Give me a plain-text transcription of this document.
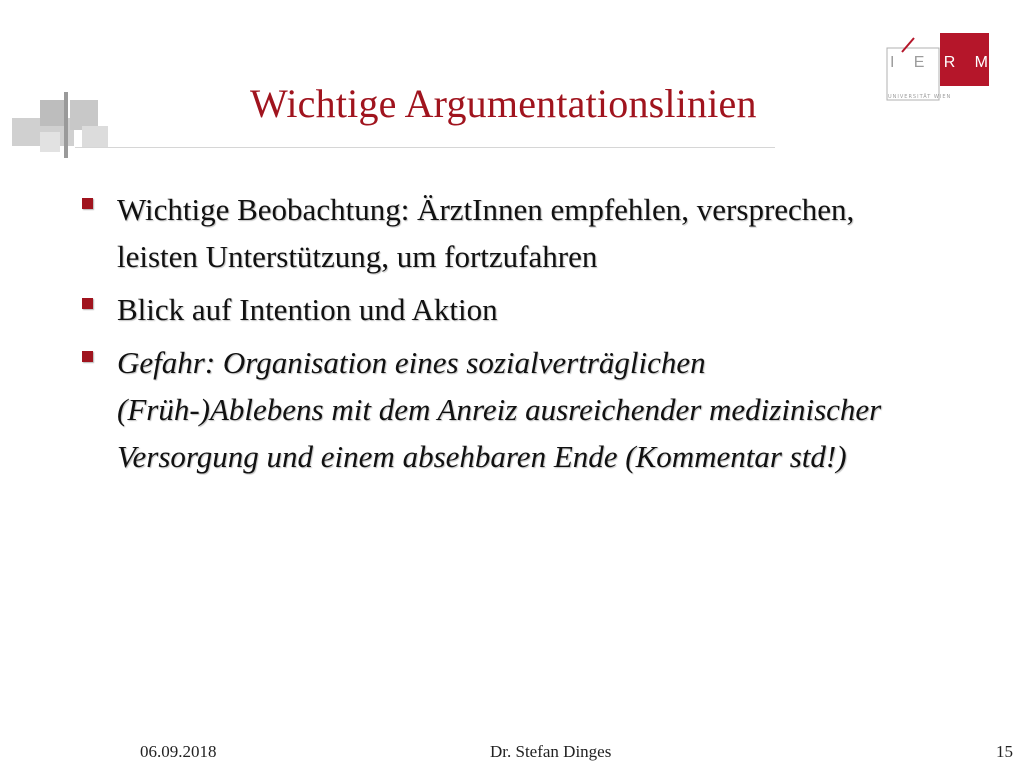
Wichtige Argumentationslinien
I E R M
UNIVERSITÄT WIEN
Wichtige Beobachtung: ÄrztInnen empfehlen, versprechen, leisten Unterstützung, um fortzufahren
Blick auf Intention und Aktion
Gefahr: Organisation eines sozialverträglichen (Früh-)Ablebens mit dem Anreiz ausreichender medizinischer Versorgung und einem absehbaren Ende (Kommentar std!)
06.09.2018	Dr. Stefan Dinges	15
